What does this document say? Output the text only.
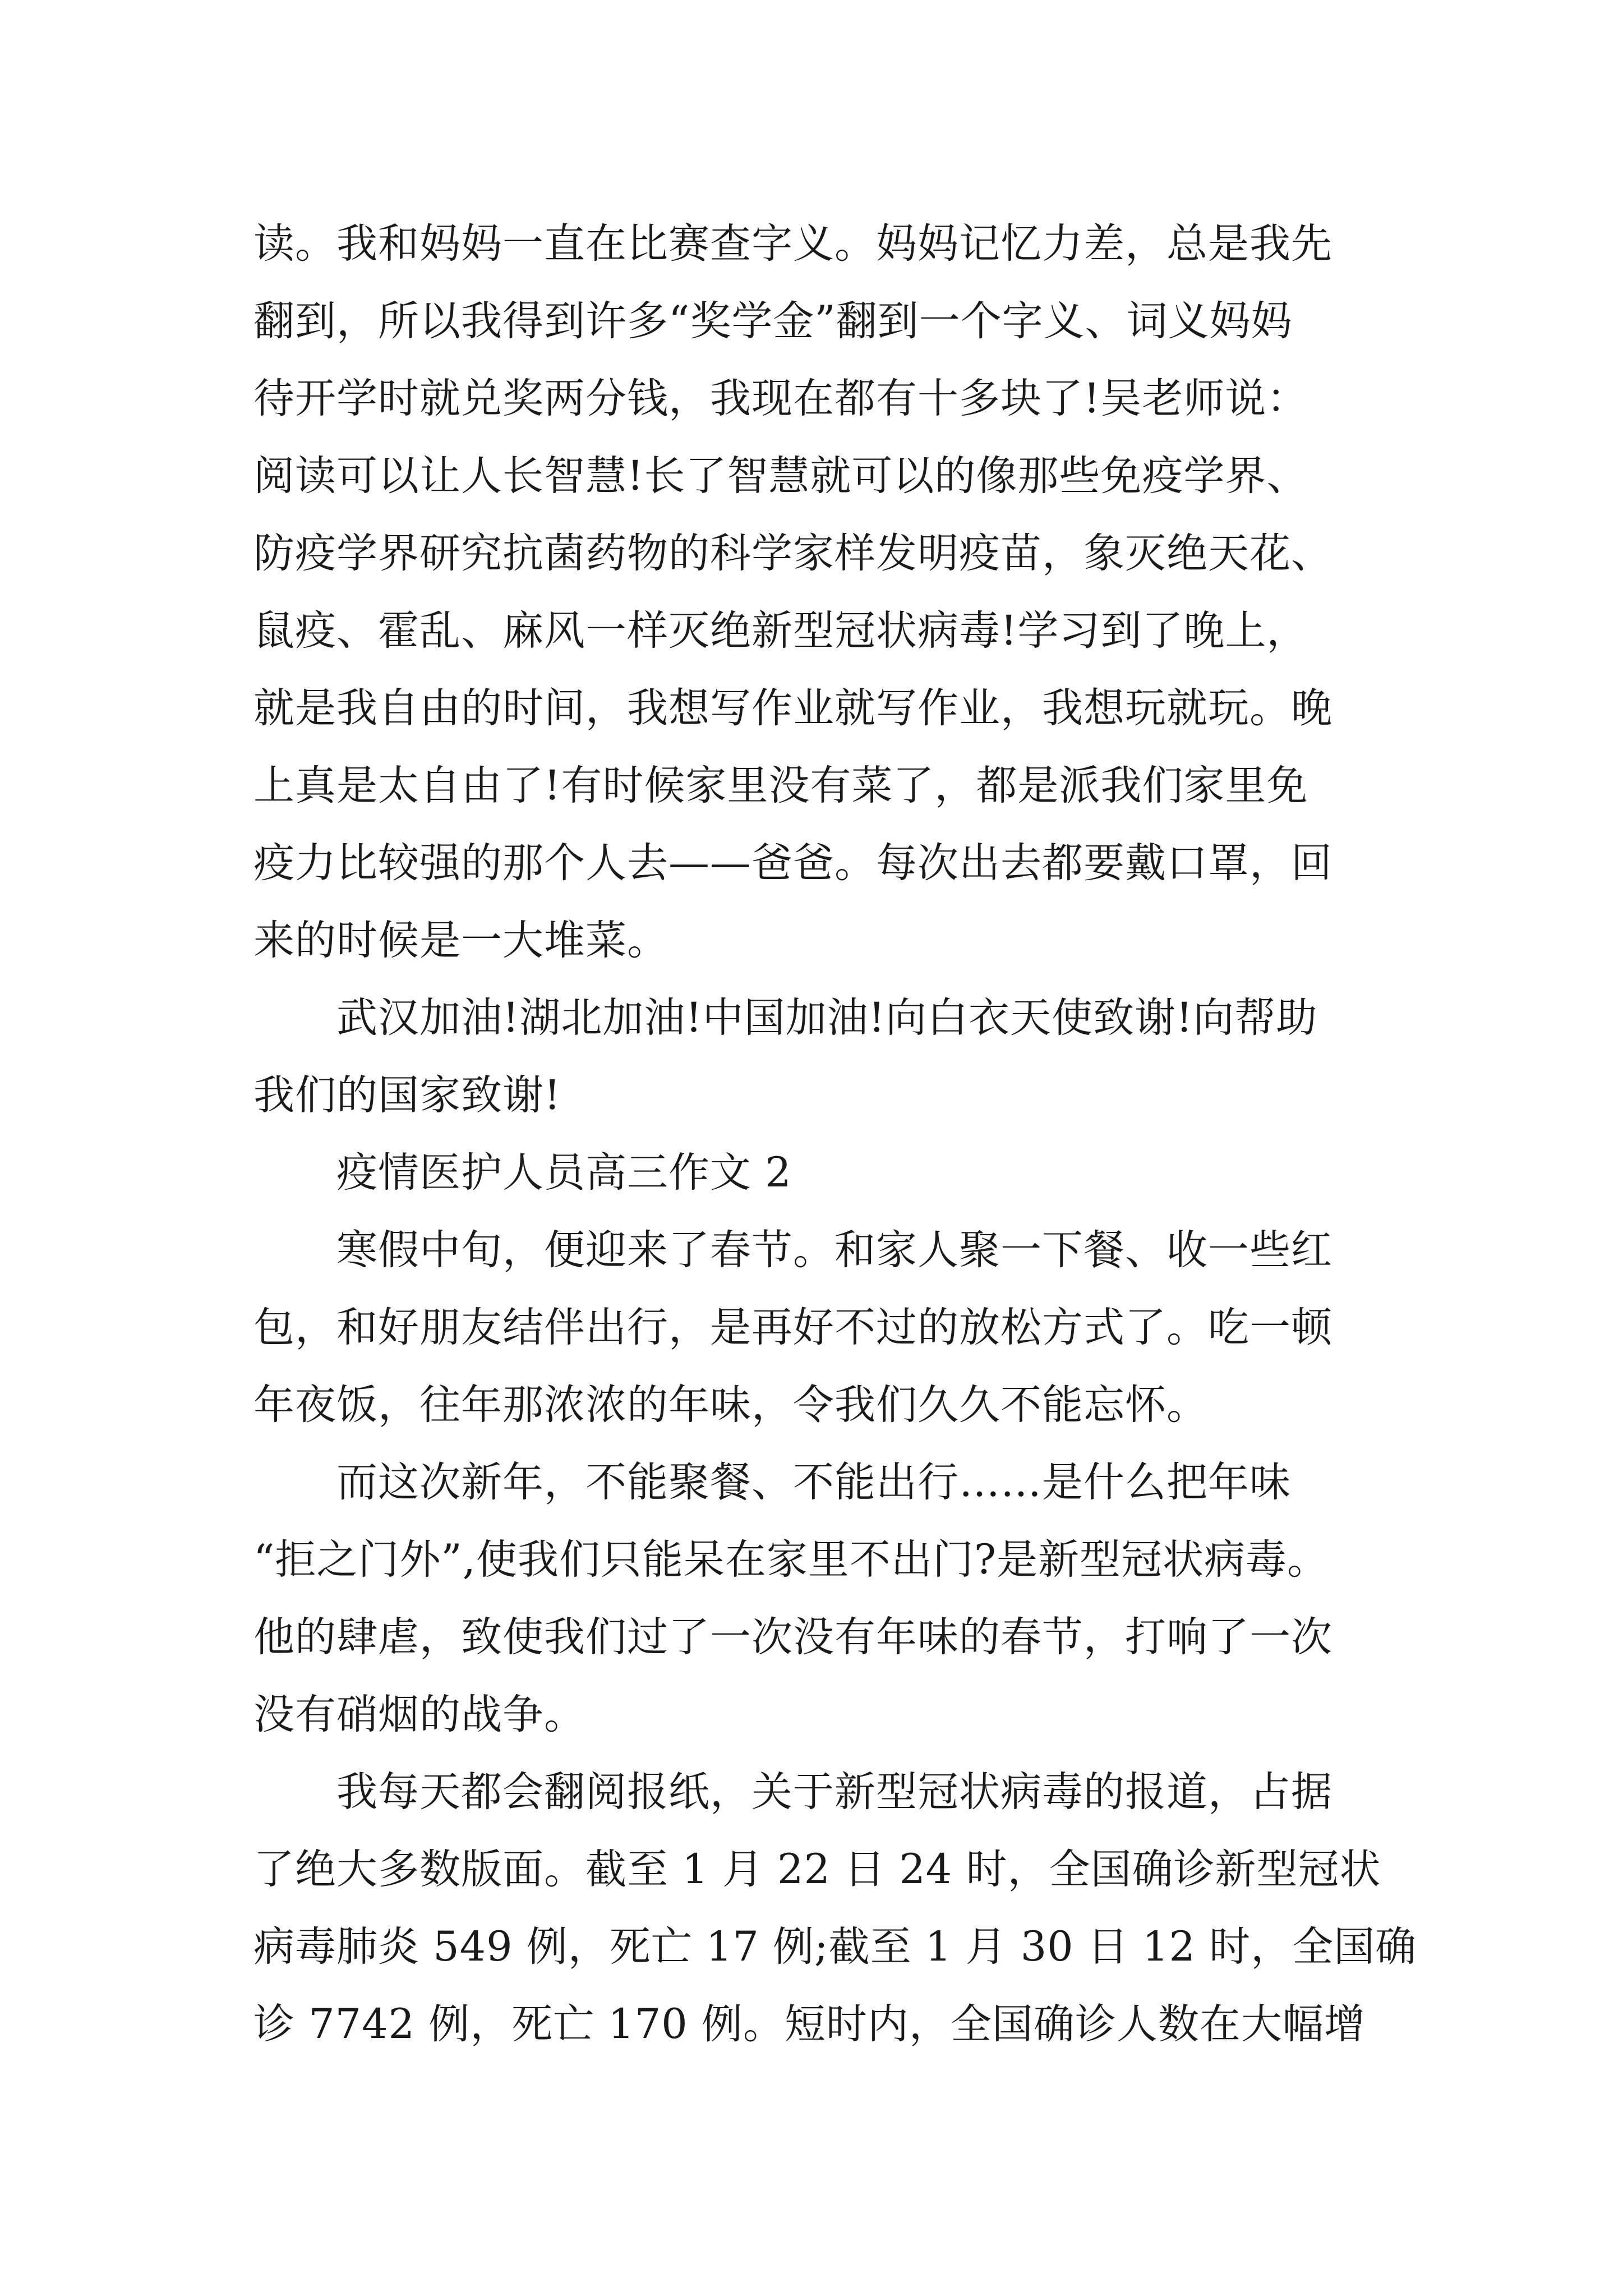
读。我和妈妈一直在比赛查字义。妈妈记忆力差，总是我先
翻到，所以我得到许多“奖学金”翻到一个字义、词义妈妈
待开学时就兑奖两分钱，我现在都有十多块了!吴老师说：
阅读可以让人长智慧!长了智慧就可以的像那些免疫学界、
防疫学界研究抗菌药物的科学家样发明疫苗，象灭绝天花、
鼠疫、霍乱、麻风一样灭绝新型冠状病毒!学习到了晚上，
就是我自由的时间，我想写作业就写作业，我想玩就玩。晚
上真是太自由了!有时候家里没有菜了，都是派我们家里免
疫力比较强的那个人去——爸爸。每次出去都要戴口罩，回
来的时候是一大堆菜。
武汉加油!湖北加油!中国加油!向白衣天使致谢!向帮助
我们的国家致谢!
疫情医护人员高三作文 2
寒假中旬，便迎来了春节。和家人聚一下餐、收一些红
包，和好朋友结伴出行，是再好不过的放松方式了。吃一顿
年夜饭，往年那浓浓的年味，令我们久久不能忘怀。
而这次新年，不能聚餐、不能出行……是什么把年味
“拒之门外”,使我们只能呆在家里不出门?是新型冠状病毒。
他的肆虐，致使我们过了一次没有年味的春节，打响了一次
没有硝烟的战争。
我每天都会翻阅报纸，关于新型冠状病毒的报道，占据
了绝大多数版面。截至 1 月 22 日 24 时，全国确诊新型冠状
病毒肺炎 549 例，死亡 17 例;截至 1 月 30 日 12 时，全国确
诊 7742 例，死亡 170 例。短时内，全国确诊人数在大幅增
